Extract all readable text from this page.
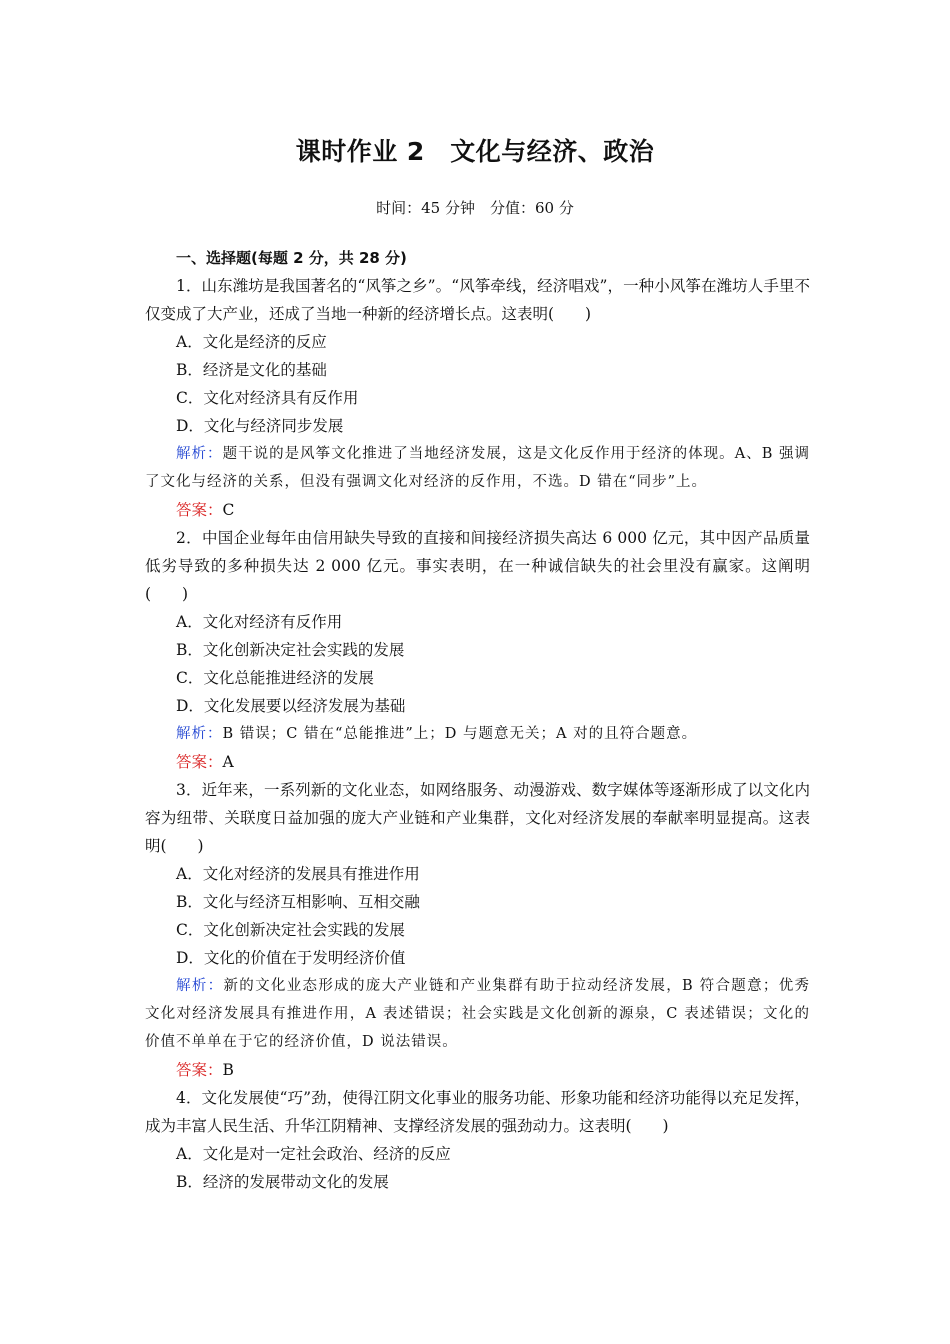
课时作业 2　文化与经济、政治
时间：45 分钟　分值：60 分
一、选择题(每题 2 分，共 28 分)
1．山东潍坊是我国著名的“风筝之乡”。“风筝牵线，经济唱戏”，一种小风筝在潍坊人手里不仅变成了大产业，还成了当地一种新的经济增长点。这表明(　　)
A．文化是经济的反应
B．经济是文化的基础
C．文化对经济具有反作用
D．文化与经济同步发展
解析：题干说的是风筝文化推进了当地经济发展，这是文化反作用于经济的体现。A、B 强调了文化与经济的关系，但没有强调文化对经济的反作用，不选。D 错在“同步”上。
答案：C
2．中国企业每年由信用缺失导致的直接和间接经济损失高达 6 000 亿元，其中因产品质量低劣导致的多种损失达 2 000 亿元。事实表明，在一种诚信缺失的社会里没有赢家。这阐明(　　)
A．文化对经济有反作用
B．文化创新决定社会实践的发展
C．文化总能推进经济的发展
D．文化发展要以经济发展为基础
解析：B 错误；C 错在“总能推进”上；D 与题意无关；A 对的且符合题意。
答案：A
3．近年来，一系列新的文化业态，如网络服务、动漫游戏、数字媒体等逐渐形成了以文化内容为纽带、关联度日益加强的庞大产业链和产业集群，文化对经济发展的奉献率明显提高。这表明(　　)
A．文化对经济的发展具有推进作用
B．文化与经济互相影响、互相交融
C．文化创新决定社会实践的发展
D．文化的价值在于发明经济价值
解析：新的文化业态形成的庞大产业链和产业集群有助于拉动经济发展，B 符合题意；优秀文化对经济发展具有推进作用，A 表述错误；社会实践是文化创新的源泉，C 表述错误；文化的价值不单单在于它的经济价值，D 说法错误。
答案：B
4．文化发展使“巧”劲，使得江阴文化事业的服务功能、形象功能和经济功能得以充足发挥，成为丰富人民生活、升华江阴精神、支撑经济发展的强劲动力。这表明(　　)
A．文化是对一定社会政治、经济的反应
B．经济的发展带动文化的发展
